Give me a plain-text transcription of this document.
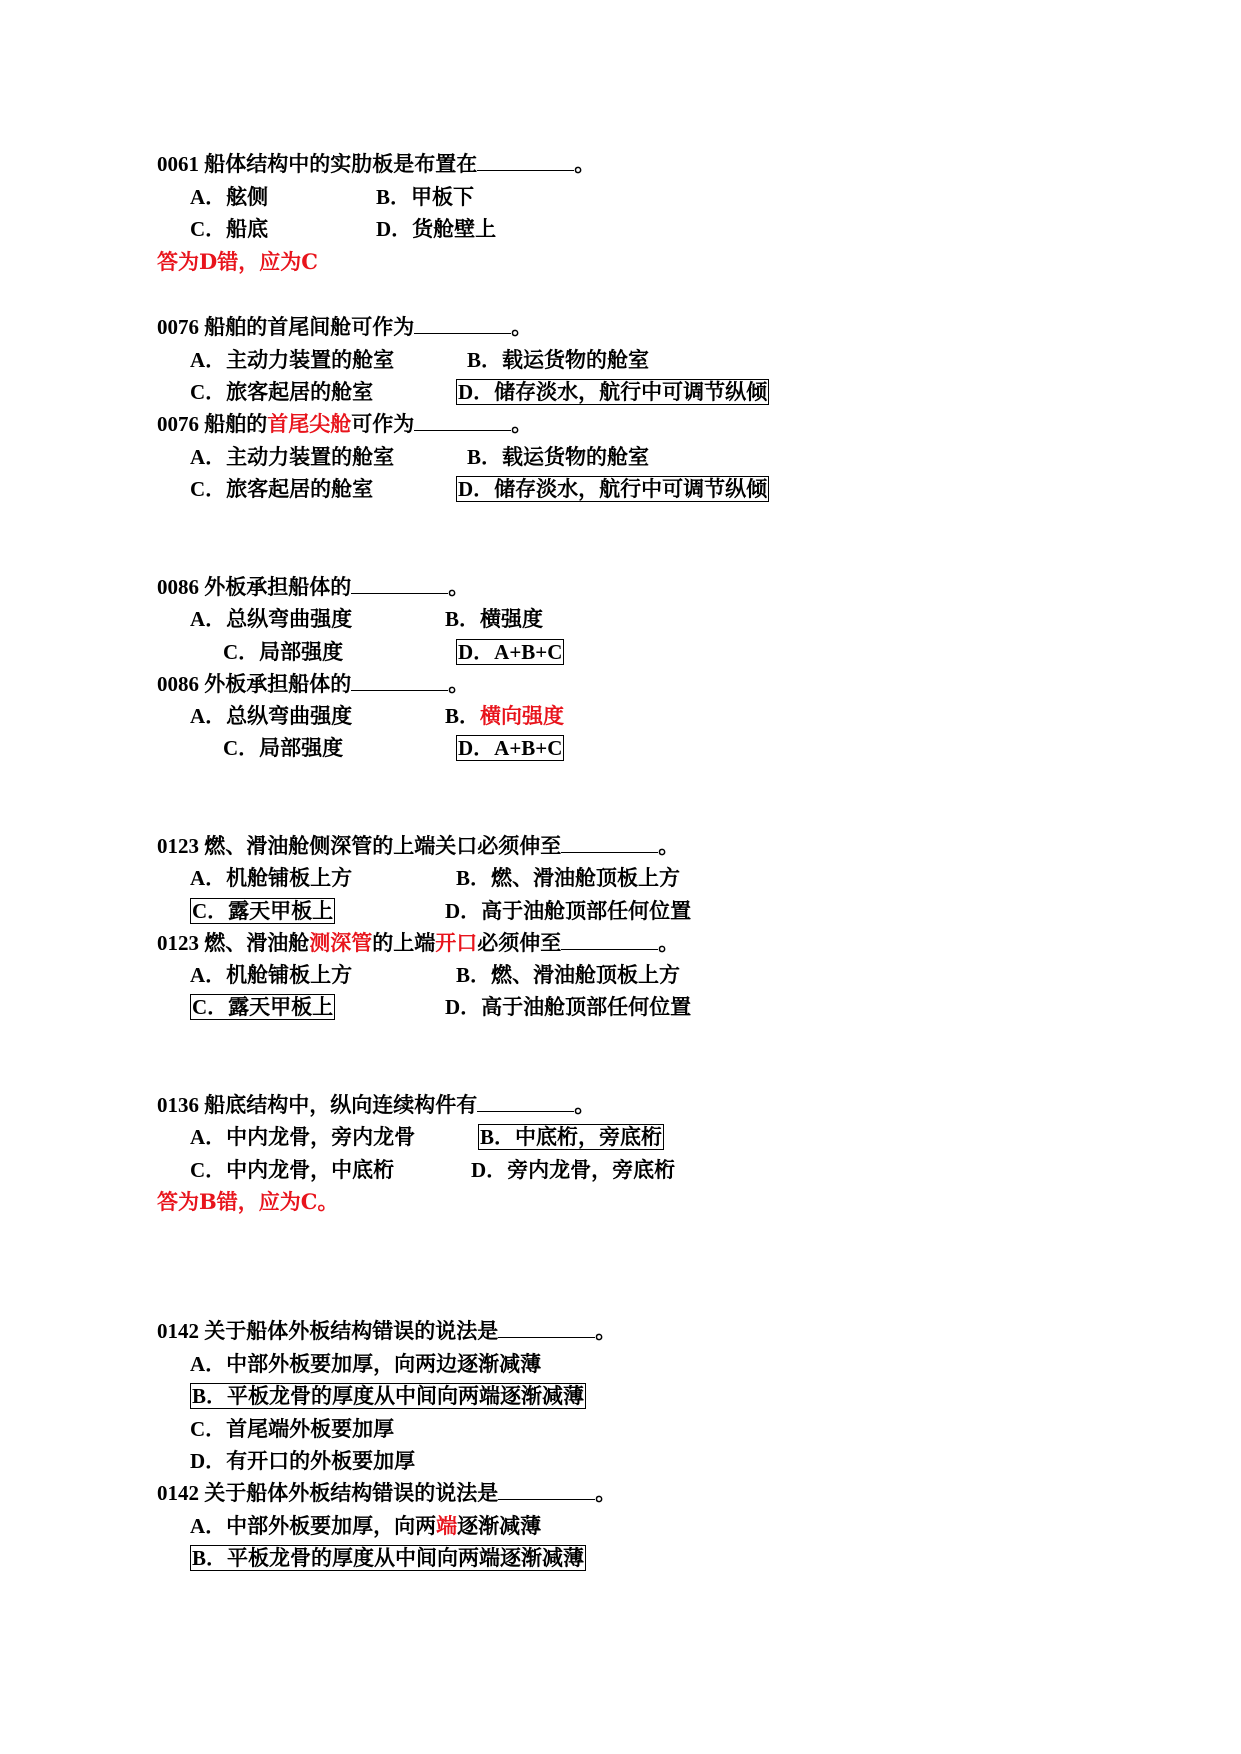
0061 船体结构中的实肋板是布置在	。
A．舷侧	B．甲板下
C．船底	D．货舱壁上
答为D错，应为C
0076 船舶的首尾间舱可作为	。
A．主动力装置的舱室	B．载运货物的舱室
C．旅客起居的舱室	D．储存淡水，航行中可调节纵倾
0076 船舶的首尾尖舱可作为	。
A．主动力装置的舱室	B．载运货物的舱室
C．旅客起居的舱室	D．储存淡水，航行中可调节纵倾
0086 外板承担船体的	。
A．总纵弯曲强度	B．横强度
C．局部强度	D．A+B+C
0086 外板承担船体的	。
A．总纵弯曲强度	B．横向强度
C．局部强度	D．A+B+C
0123 燃、滑油舱侧深管的上端关口必须伸至	。
A．机舱铺板上方	B．燃、滑油舱顶板上方
C．露天甲板上	D．高于油舱顶部任何位置
0123 燃、滑油舱测深管的上端开口必须伸至	。
A．机舱铺板上方	B．燃、滑油舱顶板上方
C．露天甲板上	D．高于油舱顶部任何位置
0136 船底结构中，纵向连续构件有	。
A．中内龙骨，旁内龙骨	B．中底桁，旁底桁
C．中内龙骨，中底桁	D．旁内龙骨，旁底桁
答为B错，应为C。
0142 关于船体外板结构错误的说法是	。
A．中部外板要加厚，向两边逐渐减薄
B．平板龙骨的厚度从中间向两端逐渐减薄
C．首尾端外板要加厚
D．有开口的外板要加厚
0142 关于船体外板结构错误的说法是	。
A．中部外板要加厚，向两端逐渐减薄
B．平板龙骨的厚度从中间向两端逐渐减薄
